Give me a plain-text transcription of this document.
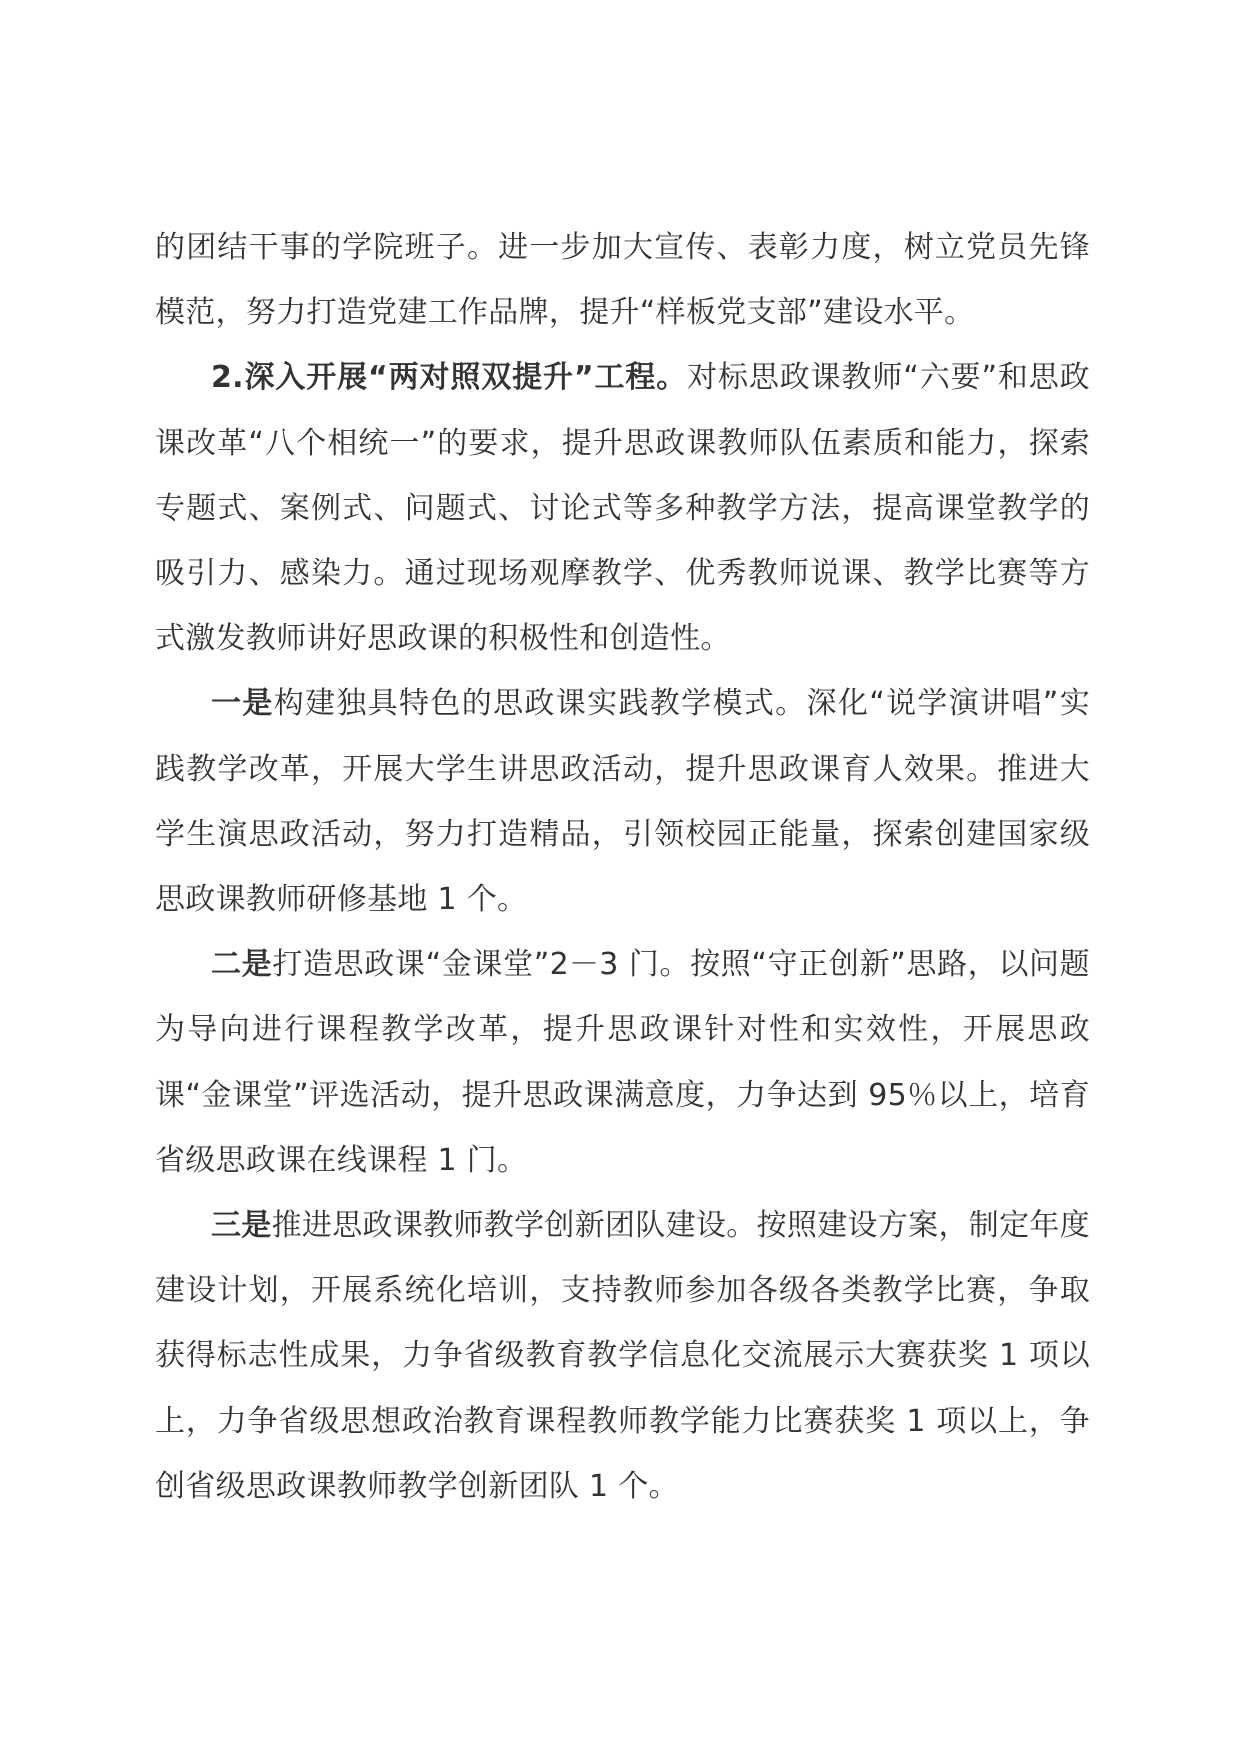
的团结干事的学院班子。进一步加大宣传、表彰力度，树立党员先锋模范，努力打造党建工作品牌，提升“样板党支部”建设水平。

2.深入开展“两对照双提升”工程。对标思政课教师“六要”和思政课改革“八个相统一”的要求，提升思政课教师队伍素质和能力，探索专题式、案例式、问题式、讨论式等多种教学方法，提高课堂教学的吸引力、感染力。通过现场观摩教学、优秀教师说课、教学比赛等方式激发教师讲好思政课的积极性和创造性。

一是构建独具特色的思政课实践教学模式。深化“说学演讲唱”实践教学改革，开展大学生讲思政活动，提升思政课育人效果。推进大学生演思政活动，努力打造精品，引领校园正能量，探索创建国家级思政课教师研修基地 1 个。

二是打造思政课“金课堂”2－3 门。按照“守正创新”思路，以问题为导向进行课程教学改革，提升思政课针对性和实效性，开展思政课“金课堂”评选活动，提升思政课满意度，力争达到 95％以上，培育省级思政课在线课程 1 门。

三是推进思政课教师教学创新团队建设。按照建设方案，制定年度建设计划，开展系统化培训，支持教师参加各级各类教学比赛，争取获得标志性成果，力争省级教育教学信息化交流展示大赛获奖 1 项以上，力争省级思想政治教育课程教师教学能力比赛获奖 1 项以上，争创省级思政课教师教学创新团队 1 个。
